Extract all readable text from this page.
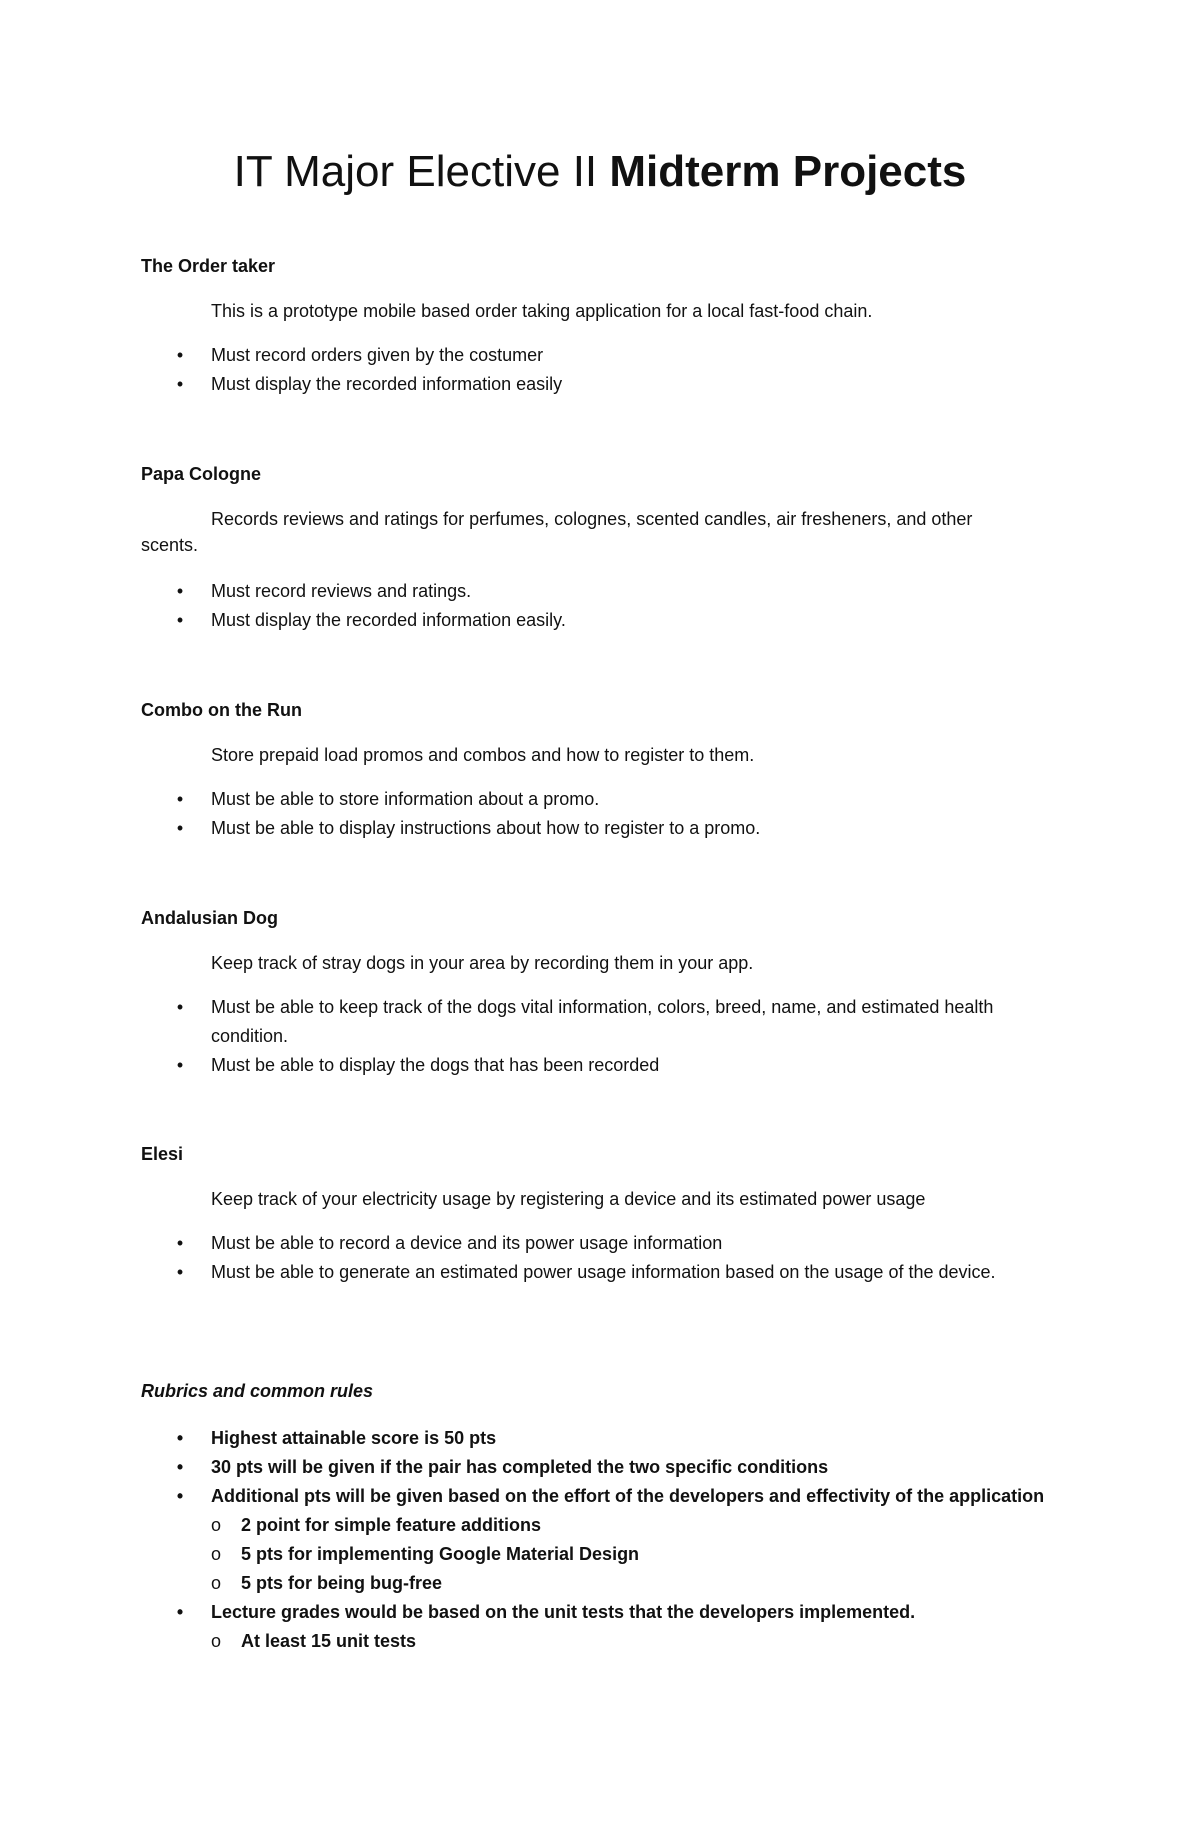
IT Major Elective II Midterm Projects
The Order taker
This is a prototype mobile based order taking application for a local fast-food chain.
• Must record orders given by the costumer
• Must display the recorded information easily
Papa Cologne
Records reviews and ratings for perfumes, colognes, scented candles, air fresheners, and other
scents.
• Must record reviews and ratings.
• Must display the recorded information easily.
Combo on the Run
Store prepaid load promos and combos and how to register to them.
• Must be able to store information about a promo.
• Must be able to display instructions about how to register to a promo.
Andalusian Dog
Keep track of stray dogs in your area by recording them in your app.
• Must be able to keep track of the dogs vital information, colors, breed, name, and estimated health condition.
• Must be able to display the dogs that has been recorded
Elesi
Keep track of your electricity usage by registering a device and its estimated power usage
• Must be able to record a device and its power usage information
• Must be able to generate an estimated power usage information based on the usage of the device.
Rubrics and common rules
• Highest attainable score is 50 pts
• 30 pts will be given if the pair has completed the two specific conditions
• Additional pts will be given based on the effort of the developers and effectivity of the application
o 2 point for simple feature additions
o 5 pts for implementing Google Material Design
o 5 pts for being bug-free
• Lecture grades would be based on the unit tests that the developers implemented.
o At least 15 unit tests
